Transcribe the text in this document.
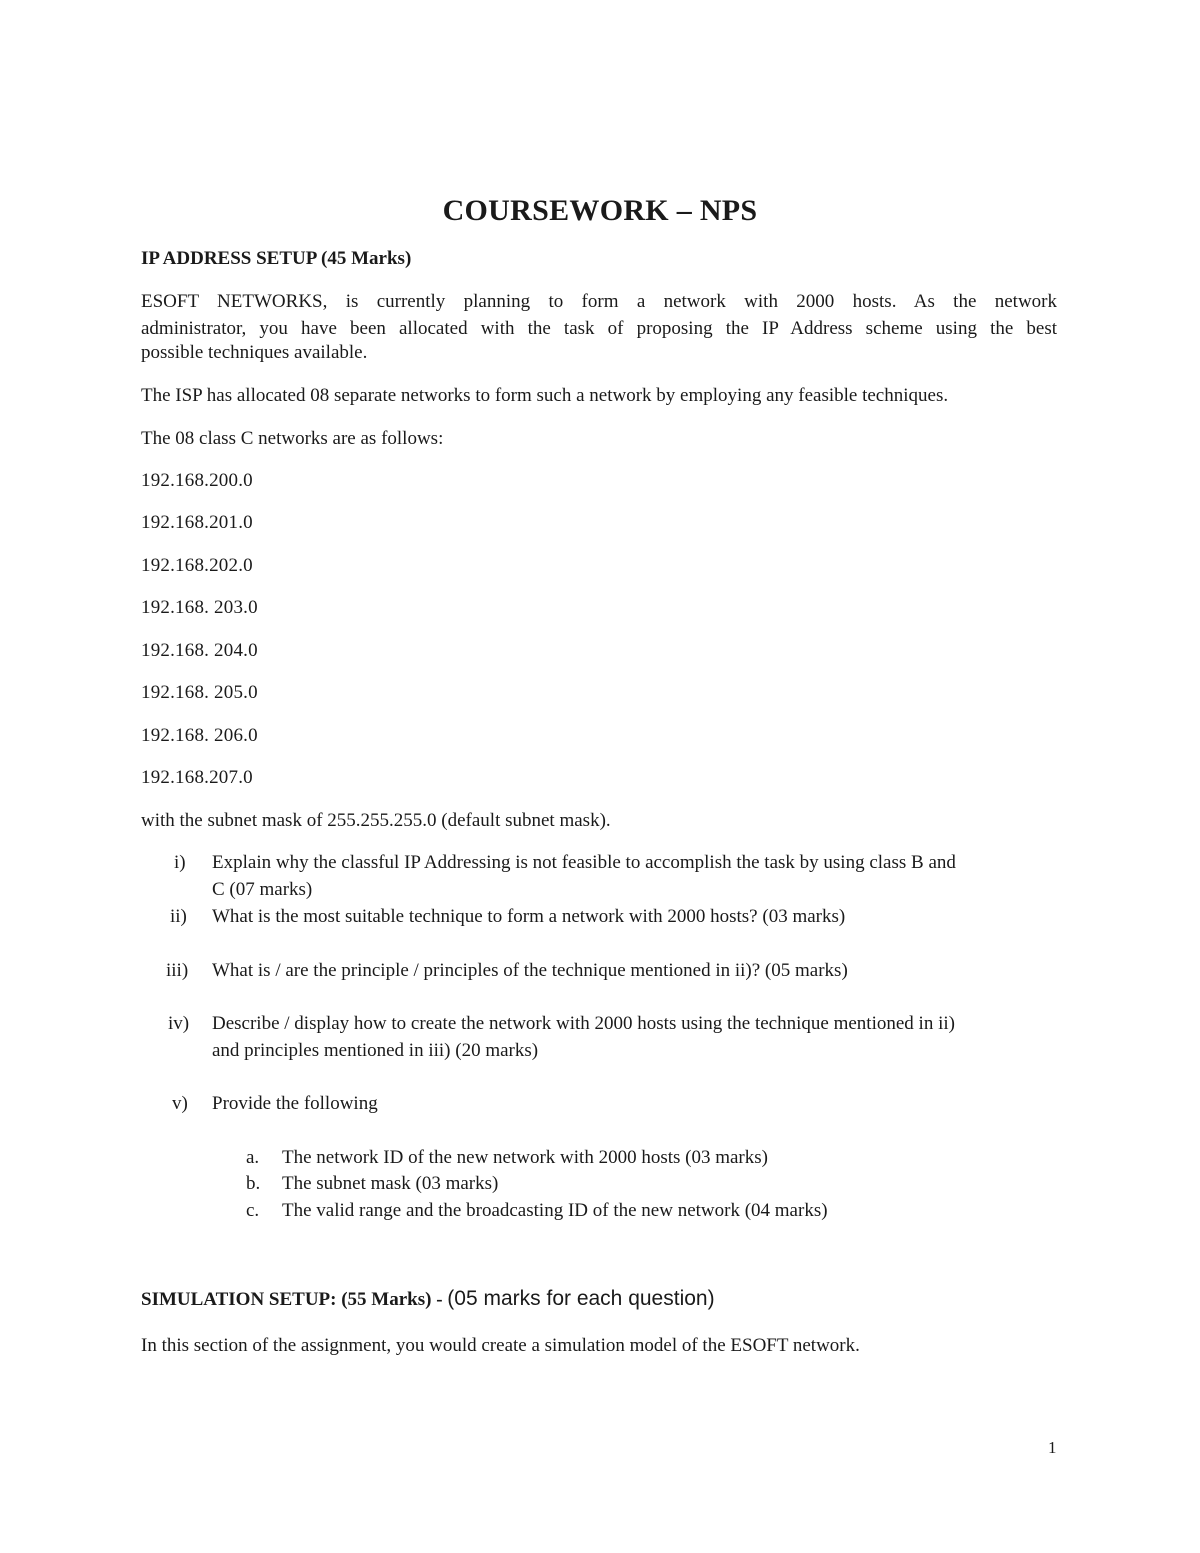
COURSEWORK – NPS
IP ADDRESS SETUP (45 Marks)
ESOFT NETWORKS, is currently planning to form a network with 2000 hosts. As the network
administrator, you have been allocated with the task of proposing the IP Address scheme using the best
possible techniques available.
The ISP has allocated 08 separate networks to form such a network by employing any feasible techniques.
The 08 class C networks are as follows:
192.168.200.0
192.168.201.0
192.168.202.0
192.168. 203.0
192.168. 204.0
192.168. 205.0
192.168. 206.0
192.168.207.0
with the subnet mask of 255.255.255.0 (default subnet mask).
i) Explain why the classful IP Addressing is not feasible to accomplish the task by using class B and
C (07 marks)
ii) What is the most suitable technique to form a network with 2000 hosts? (03 marks)
iii) What is / are the principle / principles of the technique mentioned in ii)? (05 marks)
iv) Describe / display how to create the network with 2000 hosts using the technique mentioned in ii)
and principles mentioned in iii) (20 marks)
v) Provide the following
a. The network ID of the new network with 2000 hosts (03 marks)
b. The subnet mask (03 marks)
c. The valid range and the broadcasting ID of the new network (04 marks)
SIMULATION SETUP: (55 Marks) - (05 marks for each question)
In this section of the assignment, you would create a simulation model of the ESOFT network.
1
